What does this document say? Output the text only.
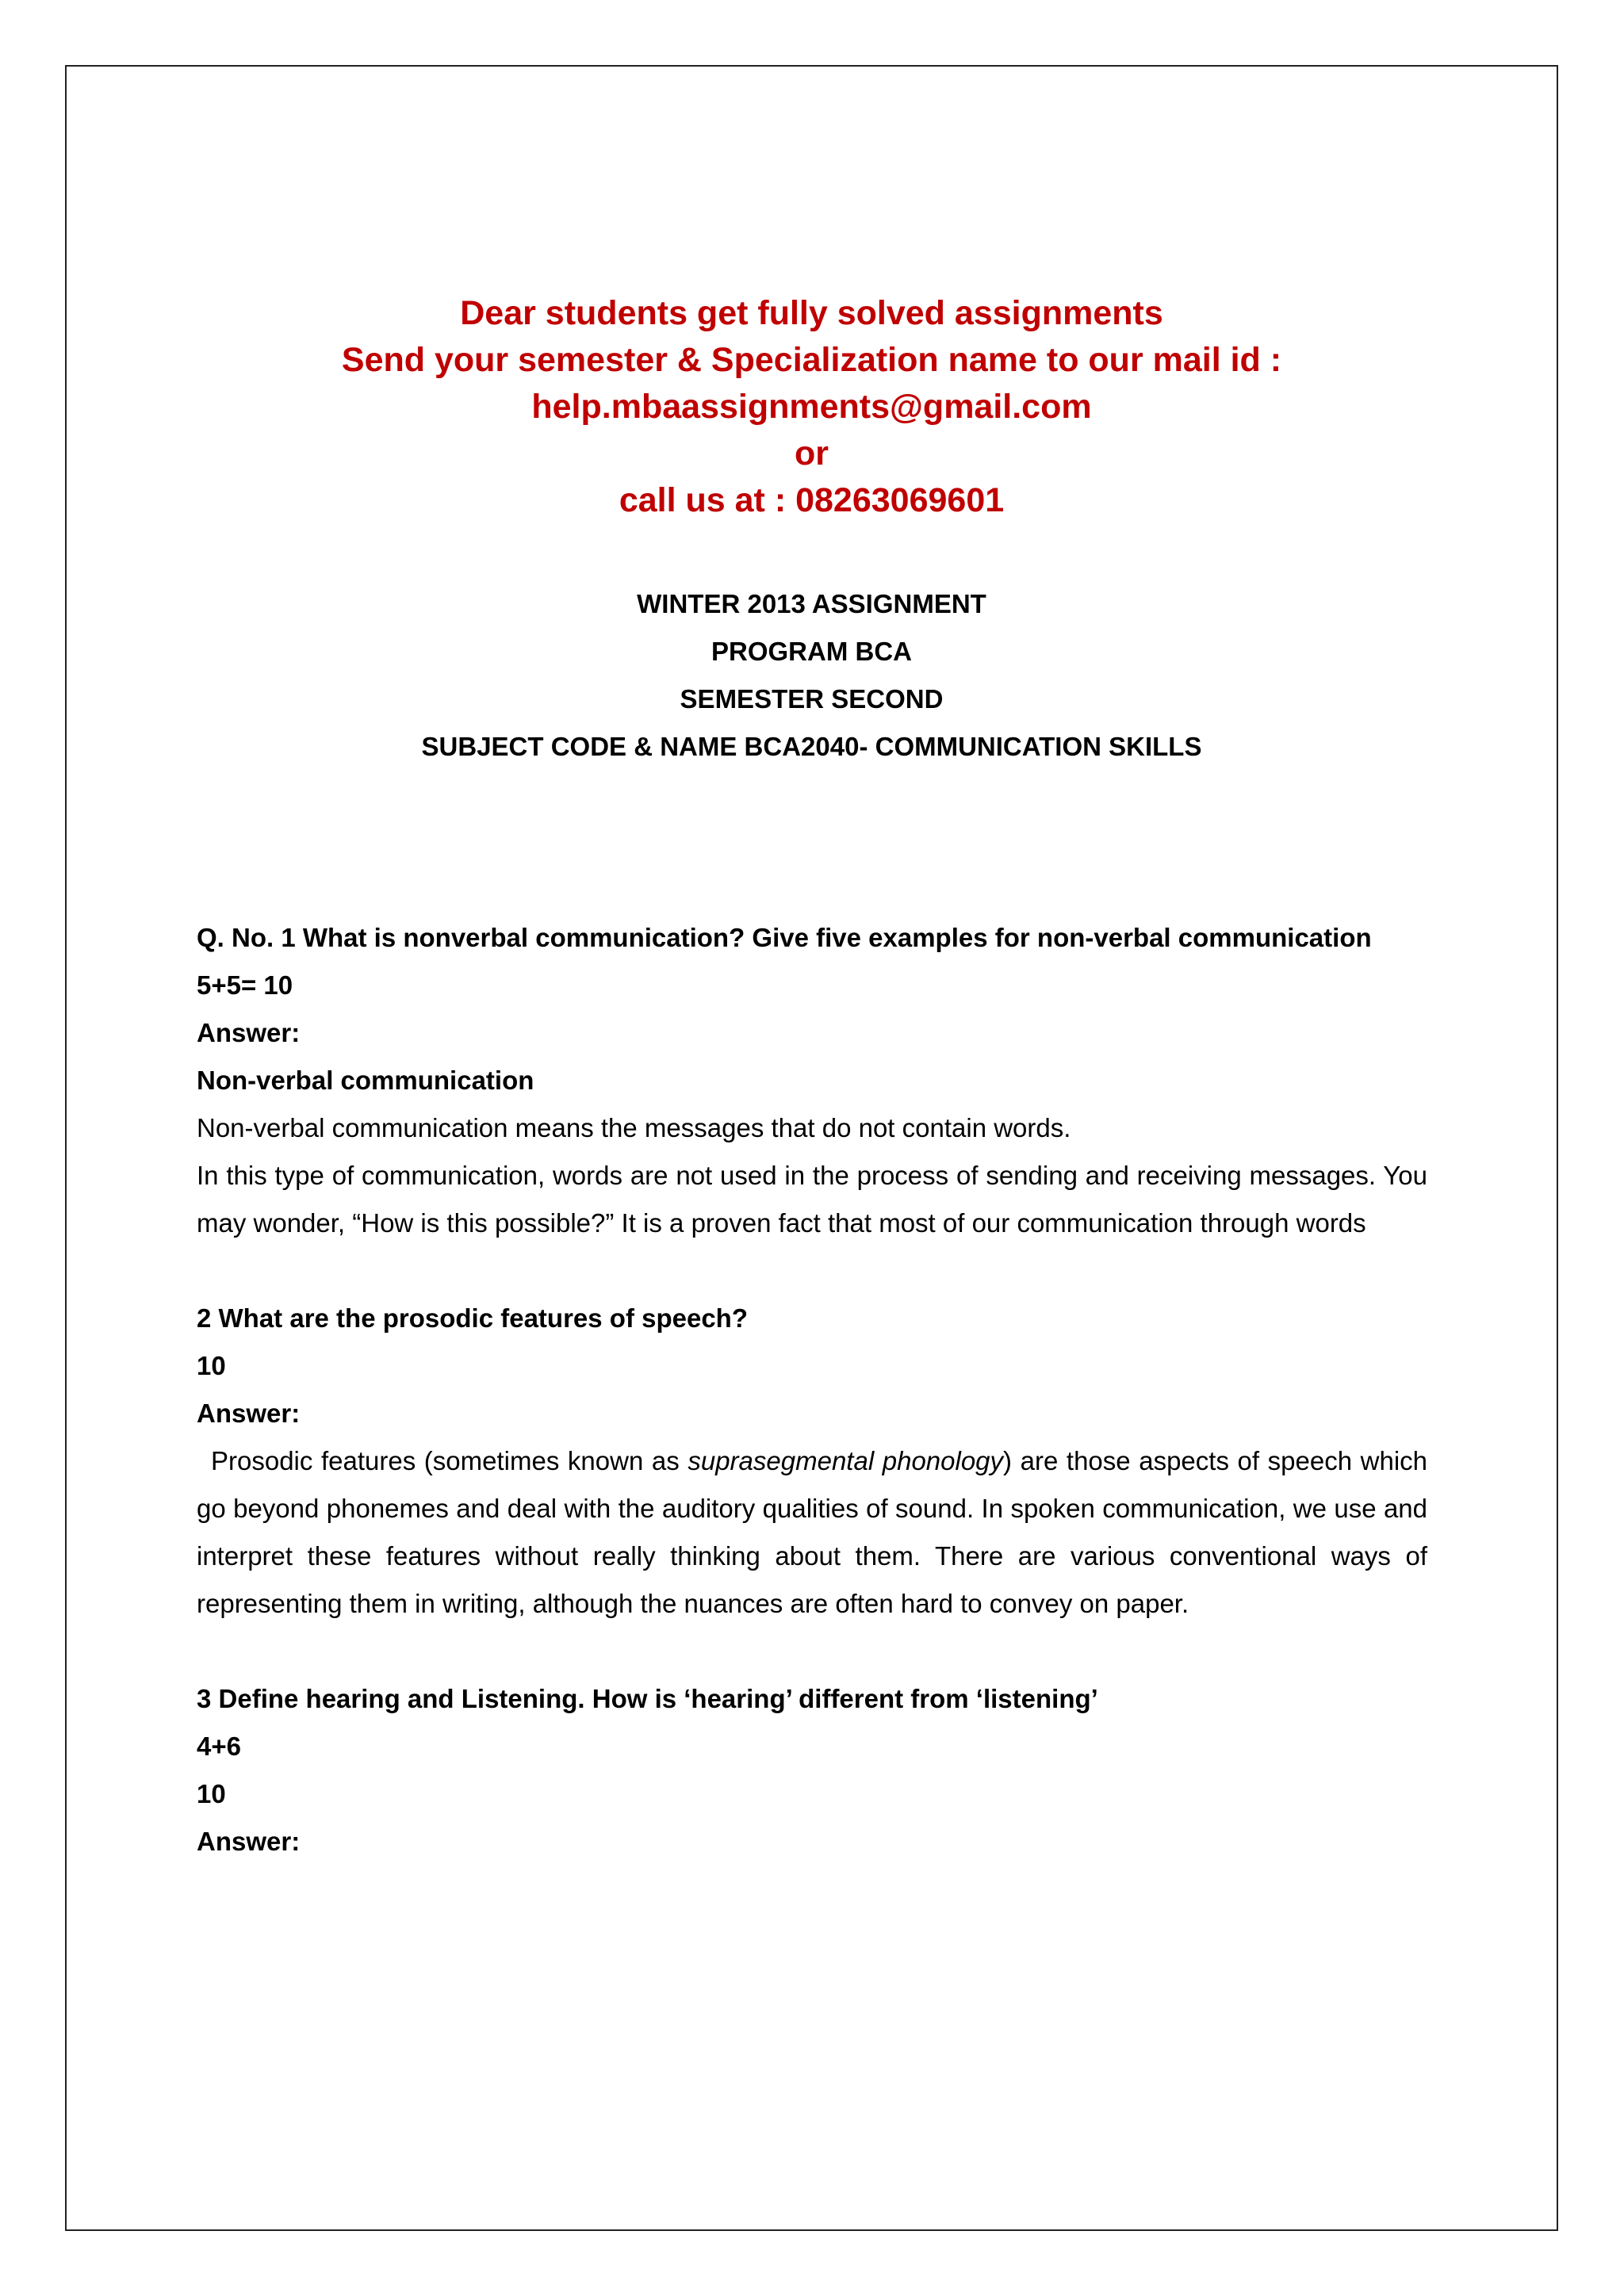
Dear students get fully solved assignments
Send your semester & Specialization name to our mail id :
help.mbaassignments@gmail.com
or
call us at : 08263069601
WINTER 2013 ASSIGNMENT
PROGRAM BCA
SEMESTER SECOND
SUBJECT CODE & NAME BCA2040- COMMUNICATION SKILLS

Q. No. 1 What is nonverbal communication? Give five examples for non-verbal communication

5+5= 10

Answer:

Non-verbal communication

Non-verbal communication means the messages that do not contain words.

In this type of communication, words are not used in the process of sending and receiving messages. You may wonder, “How is this possible?” It is a proven fact that most of our communication through words

2 What are the prosodic features of speech?

10

Answer:

Prosodic features (sometimes known as suprasegmental phonology) are those aspects of speech which go beyond phonemes and deal with the auditory qualities of sound. In spoken communication, we use and interpret these features without really thinking about them. There are various conventional ways of representing them in writing, although the nuances are often hard to convey on paper.

3 Define hearing and Listening. How is ‘hearing’ different from ‘listening’

4+6

10

Answer:
